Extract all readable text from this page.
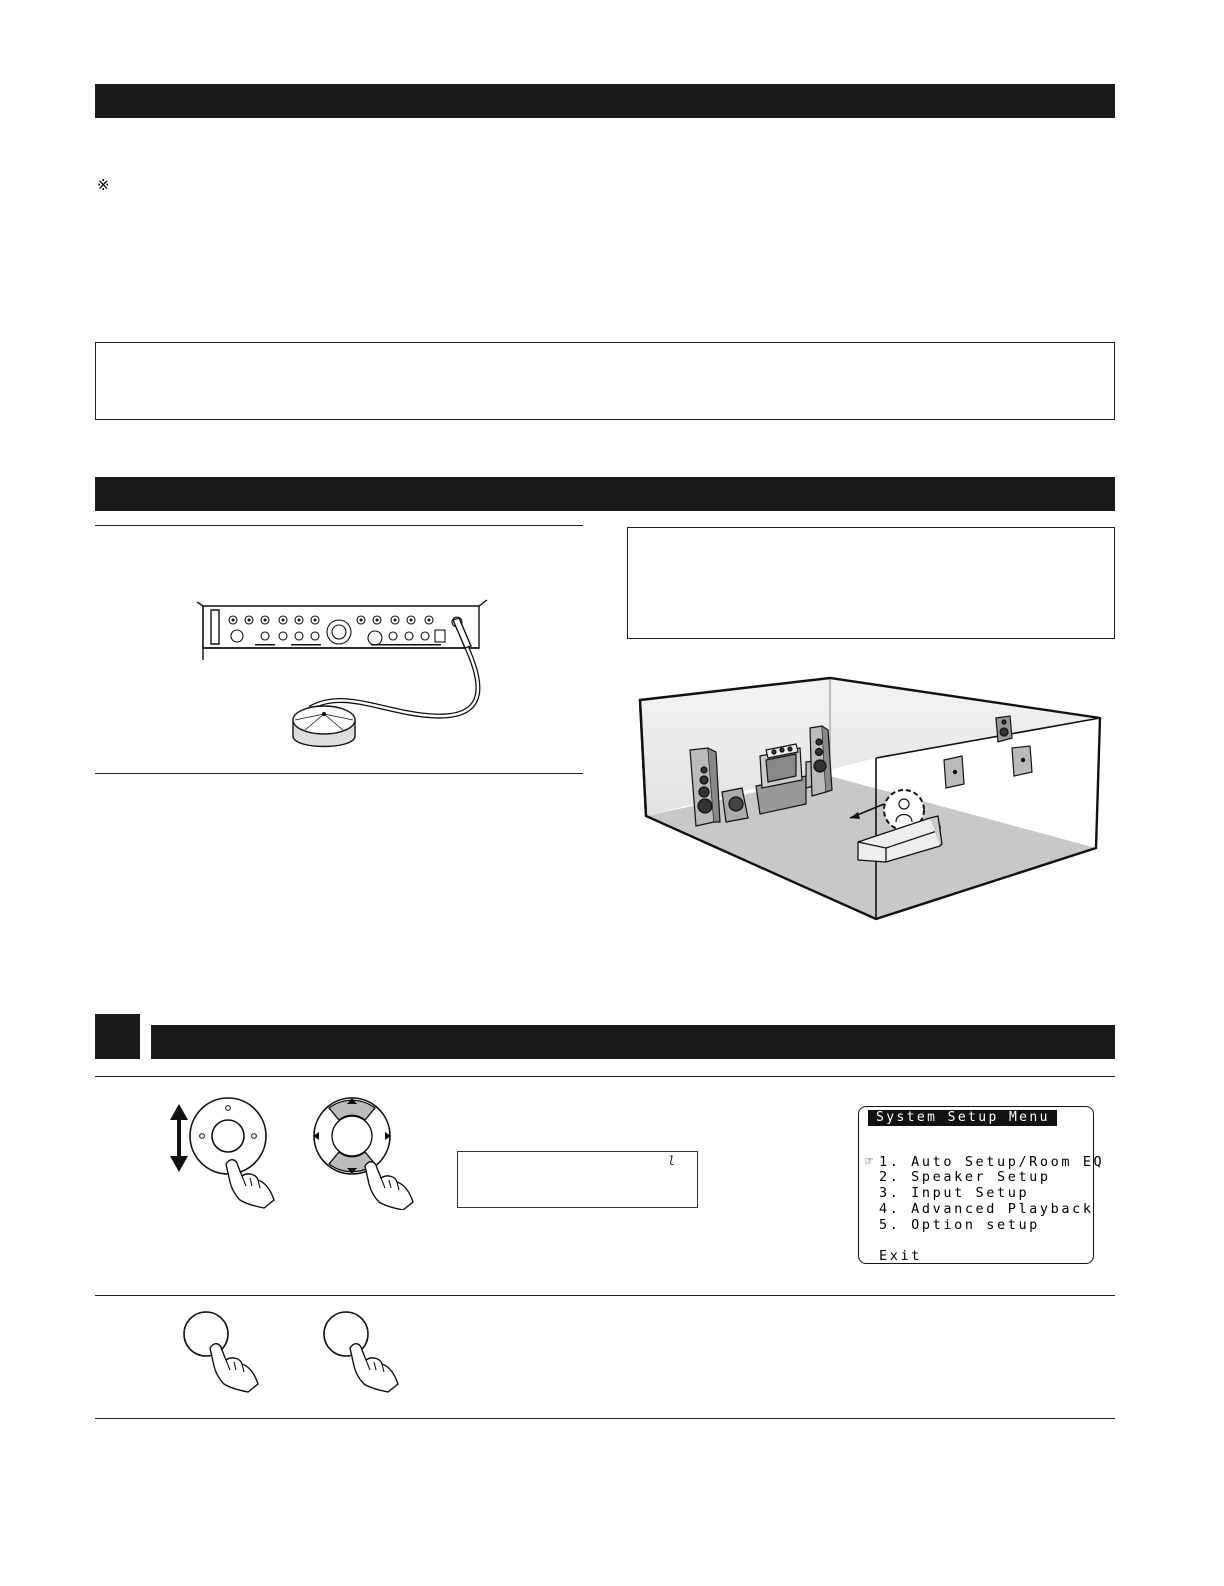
※
l
System Setup Menu
☞ 1. Auto Setup/Room EQ
2. Speaker Setup
3. Input Setup
4. Advanced Playback
5. Option setup
Exit
